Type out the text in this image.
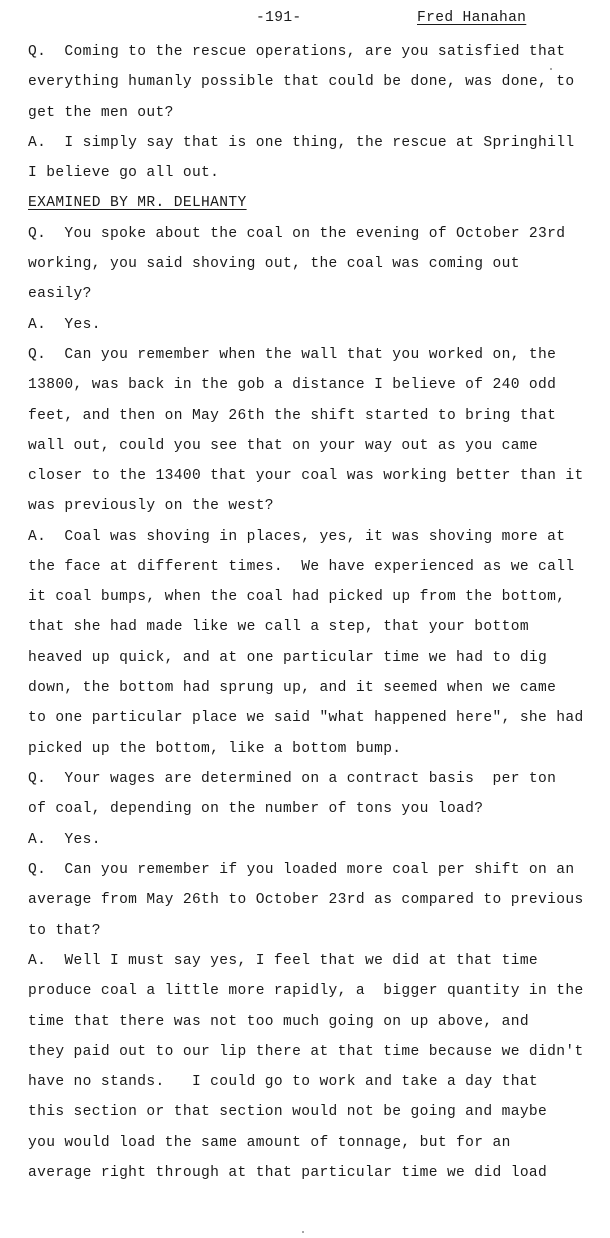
-191-	Fred Hanahan
Q.  Coming to the rescue operations, are you satisfied that
everything humanly possible that could be done, was done, to
get the men out?
A.  I simply say that is one thing, the rescue at Springhill
I believe go all out.
EXAMINED BY MR. DELHANTY
Q.  You spoke about the coal on the evening of October 23rd
working, you said shoving out, the coal was coming out
easily?
A.  Yes.
Q.  Can you remember when the wall that you worked on, the
13800, was back in the gob a distance I believe of 240 odd
feet, and then on May 26th the shift started to bring that
wall out, could you see that on your way out as you came
closer to the 13400 that your coal was working better than it
was previously on the west?
A.  Coal was shoving in places, yes, it was shoving more at
the face at different times.  We have experienced as we call
it coal bumps, when the coal had picked up from the bottom,
that she had made like we call a step, that your bottom
heaved up quick, and at one particular time we had to dig
down, the bottom had sprung up, and it seemed when we came
to one particular place we said "what happened here", she had
picked up the bottom, like a bottom bump.
Q.  Your wages are determined on a contract basis  per ton
of coal, depending on the number of tons you load?
A.  Yes.
Q.  Can you remember if you loaded more coal per shift on an
average from May 26th to October 23rd as compared to previous
to that?
A.  Well I must say yes, I feel that we did at that time
produce coal a little more rapidly, a  bigger quantity in the
time that there was not too much going on up above, and
they paid out to our lip there at that time because we didn't
have no stands.   I could go to work and take a day that
this section or that section would not be going and maybe
you would load the same amount of tonnage, but for an
average right through at that particular time we did load
